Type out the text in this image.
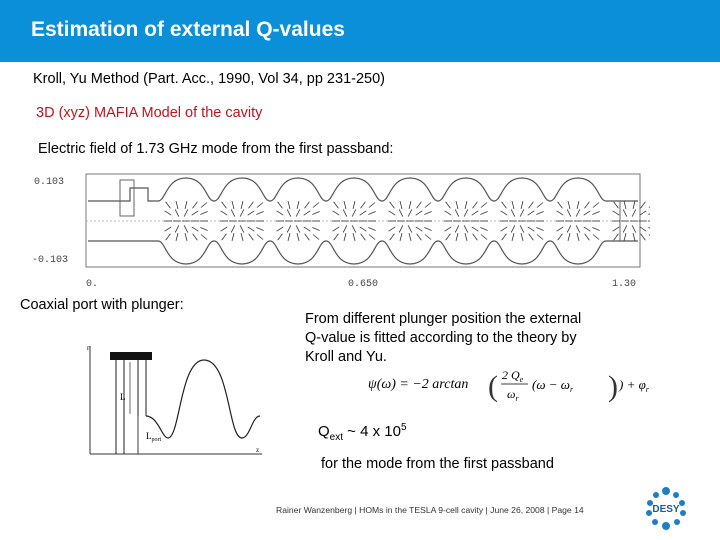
Estimation of external Q-values
Kroll, Yu Method (Part. Acc., 1990, Vol 34, pp 231-250)
3D (xyz) MAFIA Model of the cavity
Electric field of 1.73 GHz mode from the first passband:
0.103
-0.103
0.	0.650	1.30
Coaxial port with plunger:
r
z
L
$L_{port}$
From different plunger position the external
Q-value is fitted according to the theory by
Kroll and Yu.
ψ(ω) = −2 arctan ( 2 $Q_e$
$\omega_r$
($\omega - \omega_r$ ) ) + $\varphi_r$
$Q_{ext}$ ~ 4 x $10^5$
for the mode from the first passband
Rainer Wanzenberg | HOMs in the TESLA 9-cell cavity | June 26, 2008 | Page 14	DESY
